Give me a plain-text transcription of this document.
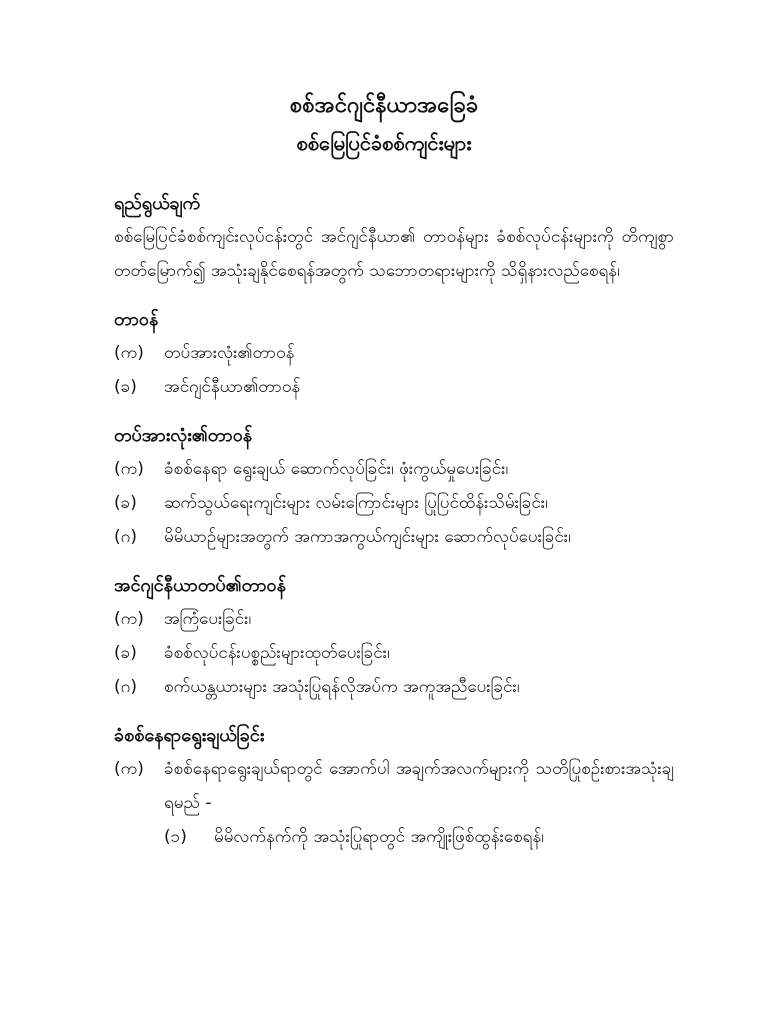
စစ်အင်ဂျင်နီယာအခြေခံ
စစ်မြေပြင်ခံစစ်ကျင်းများ

ရည်ရွယ်ချက်

စစ်မြေပြင်ခံစစ်ကျင်းလုပ်ငန်းတွင် အင်ဂျင်နီယာ၏ တာဝန်များ ခံစစ်လုပ်ငန်းများကို တိကျစွာတတ်မြောက်၍ အသုံးချနိုင်စေရန်အတွက် သဘောတရားများကို သိရှိနားလည်စေရန်၊

တာဝန်

(က)	တပ်အားလုံး၏တာဝန်
(ခ)	အင်ဂျင်နီယာ၏တာဝန်

တပ်အားလုံး၏တာဝန်

(က)	ခံစစ်နေရာ ရွေးချယ် ဆောက်လုပ်ခြင်း၊ ဖုံးကွယ်မှုပေးခြင်း၊
(ခ)	ဆက်သွယ်ရေးကျင်းများ လမ်းကြောင်းများ ပြုပြင်ထိန်းသိမ်းခြင်း၊
(ဂ)	မိမိယာဉ်များအတွက် အကာအကွယ်ကျင်းများ ဆောက်လုပ်ပေးခြင်း၊

အင်ဂျင်နီယာတပ်၏တာဝန်

(က)	အကြံပေးခြင်း၊
(ခ)	ခံစစ်လုပ်ငန်းပစ္စည်းများထုတ်ပေးခြင်း၊
(ဂ)	စက်ယန္တယားများ အသုံးပြုရန်လိုအပ်က အကူအညီပေးခြင်း၊

ခံစစ်နေရာရွေးချယ်ခြင်း

(က)	ခံစစ်နေရာရွေးချယ်ရာတွင် အောက်ပါ အချက်အလက်များကို သတိပြုစဉ်းစားအသုံးချရမည် -
(၁)	မိမိလက်နက်ကို အသုံးပြုရာတွင် အကျိုးဖြစ်ထွန်းစေရန်၊
